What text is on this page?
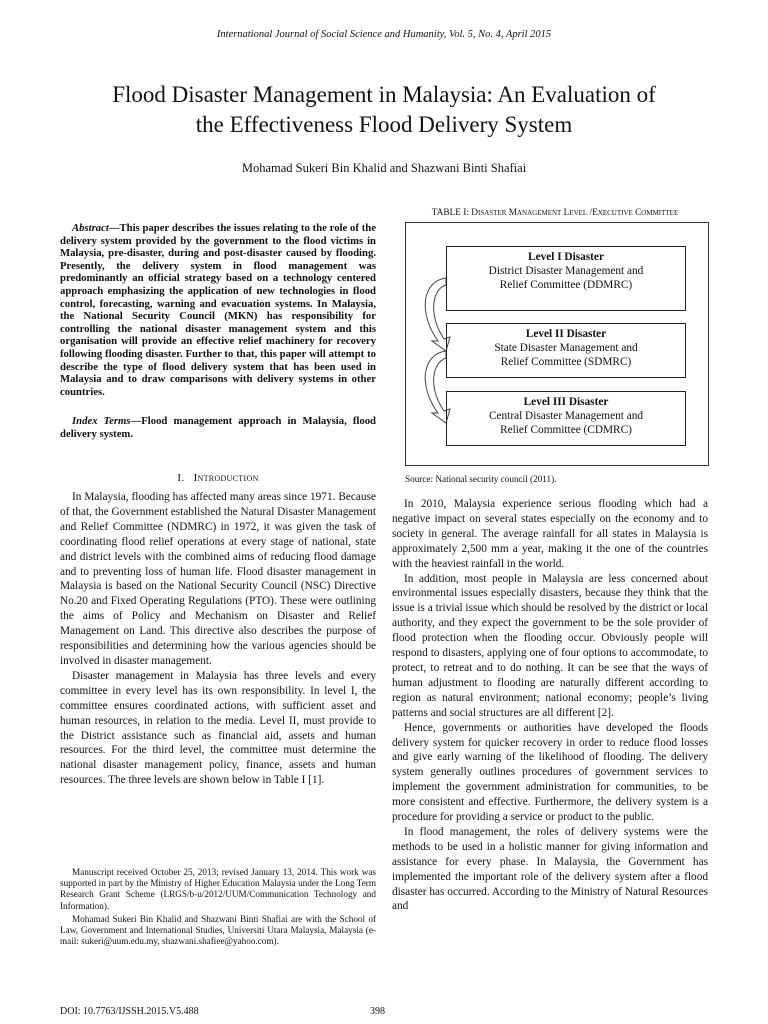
International Journal of Social Science and Humanity, Vol. 5, No. 4, April 2015
Flood Disaster Management in Malaysia: An Evaluation of
the Effectiveness Flood Delivery System
Mohamad Sukeri Bin Khalid and Shazwani Binti Shafiai

Abstract—This paper describes the issues relating to the role of the delivery system provided by the government to the flood victims in Malaysia, pre-disaster, during and post-disaster caused by flooding. Presently, the delivery system in flood management was predominantly an official strategy based on a technology centered approach emphasizing the application of new technologies in flood control, forecasting, warning and evacuation systems. In Malaysia, the National Security Council (MKN) has responsibility for controlling the national disaster management system and this organisation will provide an effective relief machinery for recovery following flooding disaster. Further to that, this paper will attempt to describe the type of flood delivery system that has been used in Malaysia and to draw comparisons with delivery systems in other countries.

Index Terms—Flood management approach in Malaysia, flood delivery system.

I. Introduction

In Malaysia, flooding has affected many areas since 1971. Because of that, the Government established the Natural Disaster Management and Relief Committee (NDMRC) in 1972, it was given the task of coordinating flood relief operations at every stage of national, state and district levels with the combined aims of reducing flood damage and to preventing loss of human life. Flood disaster management in Malaysia is based on the National Security Council (NSC) Directive No.20 and Fixed Operating Regulations (PTO). These were outlining the aims of Policy and Mechanism on Disaster and Relief Management on Land. This directive also describes the purpose of responsibilities and determining how the various agencies should be involved in disaster management.

Disaster management in Malaysia has three levels and every committee in every level has its own responsibility. In level I, the committee ensures coordinated actions, with sufficient asset and human resources, in relation to the media. Level II, must provide to the District assistance such as financial aid, assets and human resources. For the third level, the committee must determine the national disaster management policy, finance, assets and human resources. The three levels are shown below in Table I [1].

Manuscript received October 25, 2013; revised January 13, 2014. This work was supported in part by the Ministry of Higher Education Malaysia under the Long Term Research Grant Scheme (LRGS/b-u/2012/UUM/Communication Technology and Information).

Mohamad Sukeri Bin Khalid and Shazwani Binti Shafiai are with the School of Law, Government and International Studies, Universiti Utara Malaysia, Malaysia (e-mail: sukeri@uum.edu.my, shazwani.shafiee@yahoo.com).

TABLE I: Disaster Management Level /Executive Committee
Level I Disaster
District Disaster Management and
Relief Committee (DDMRC)
Level II Disaster
State Disaster Management and
Relief Committee (SDMRC)
Level III Disaster
Central Disaster Management and
Relief Committee (CDMRC)
Source: National security council (2011).

In 2010, Malaysia experience serious flooding which had a negative impact on several states especially on the economy and to society in general. The average rainfall for all states in Malaysia is approximately 2,500 mm a year, making it the one of the countries with the heaviest rainfall in the world.

In addition, most people in Malaysia are less concerned about environmental issues especially disasters, because they think that the issue is a trivial issue which should be resolved by the district or local authority, and they expect the government to be the sole provider of flood protection when the flooding occur. Obviously people will respond to disasters, applying one of four options to accommodate, to protect, to retreat and to do nothing. It can be see that the ways of human adjustment to flooding are naturally different according to region as natural environment; national economy; people’s living patterns and social structures are all different [2].

Hence, governments or authorities have developed the floods delivery system for quicker recovery in order to reduce flood losses and give early warning of the likelihood of flooding. The delivery system generally outlines procedures of government services to implement the government administration for communities, to be more consistent and effective. Furthermore, the delivery system is a procedure for providing a service or product to the public.

In flood management, the roles of delivery systems were the methods to be used in a holistic manner for giving information and assistance for every phase. In Malaysia, the Government has implemented the important role of the delivery system after a flood disaster has occurred. According to the Ministry of Natural Resources and

DOI: 10.7763/IJSSH.2015.V5.488	398
